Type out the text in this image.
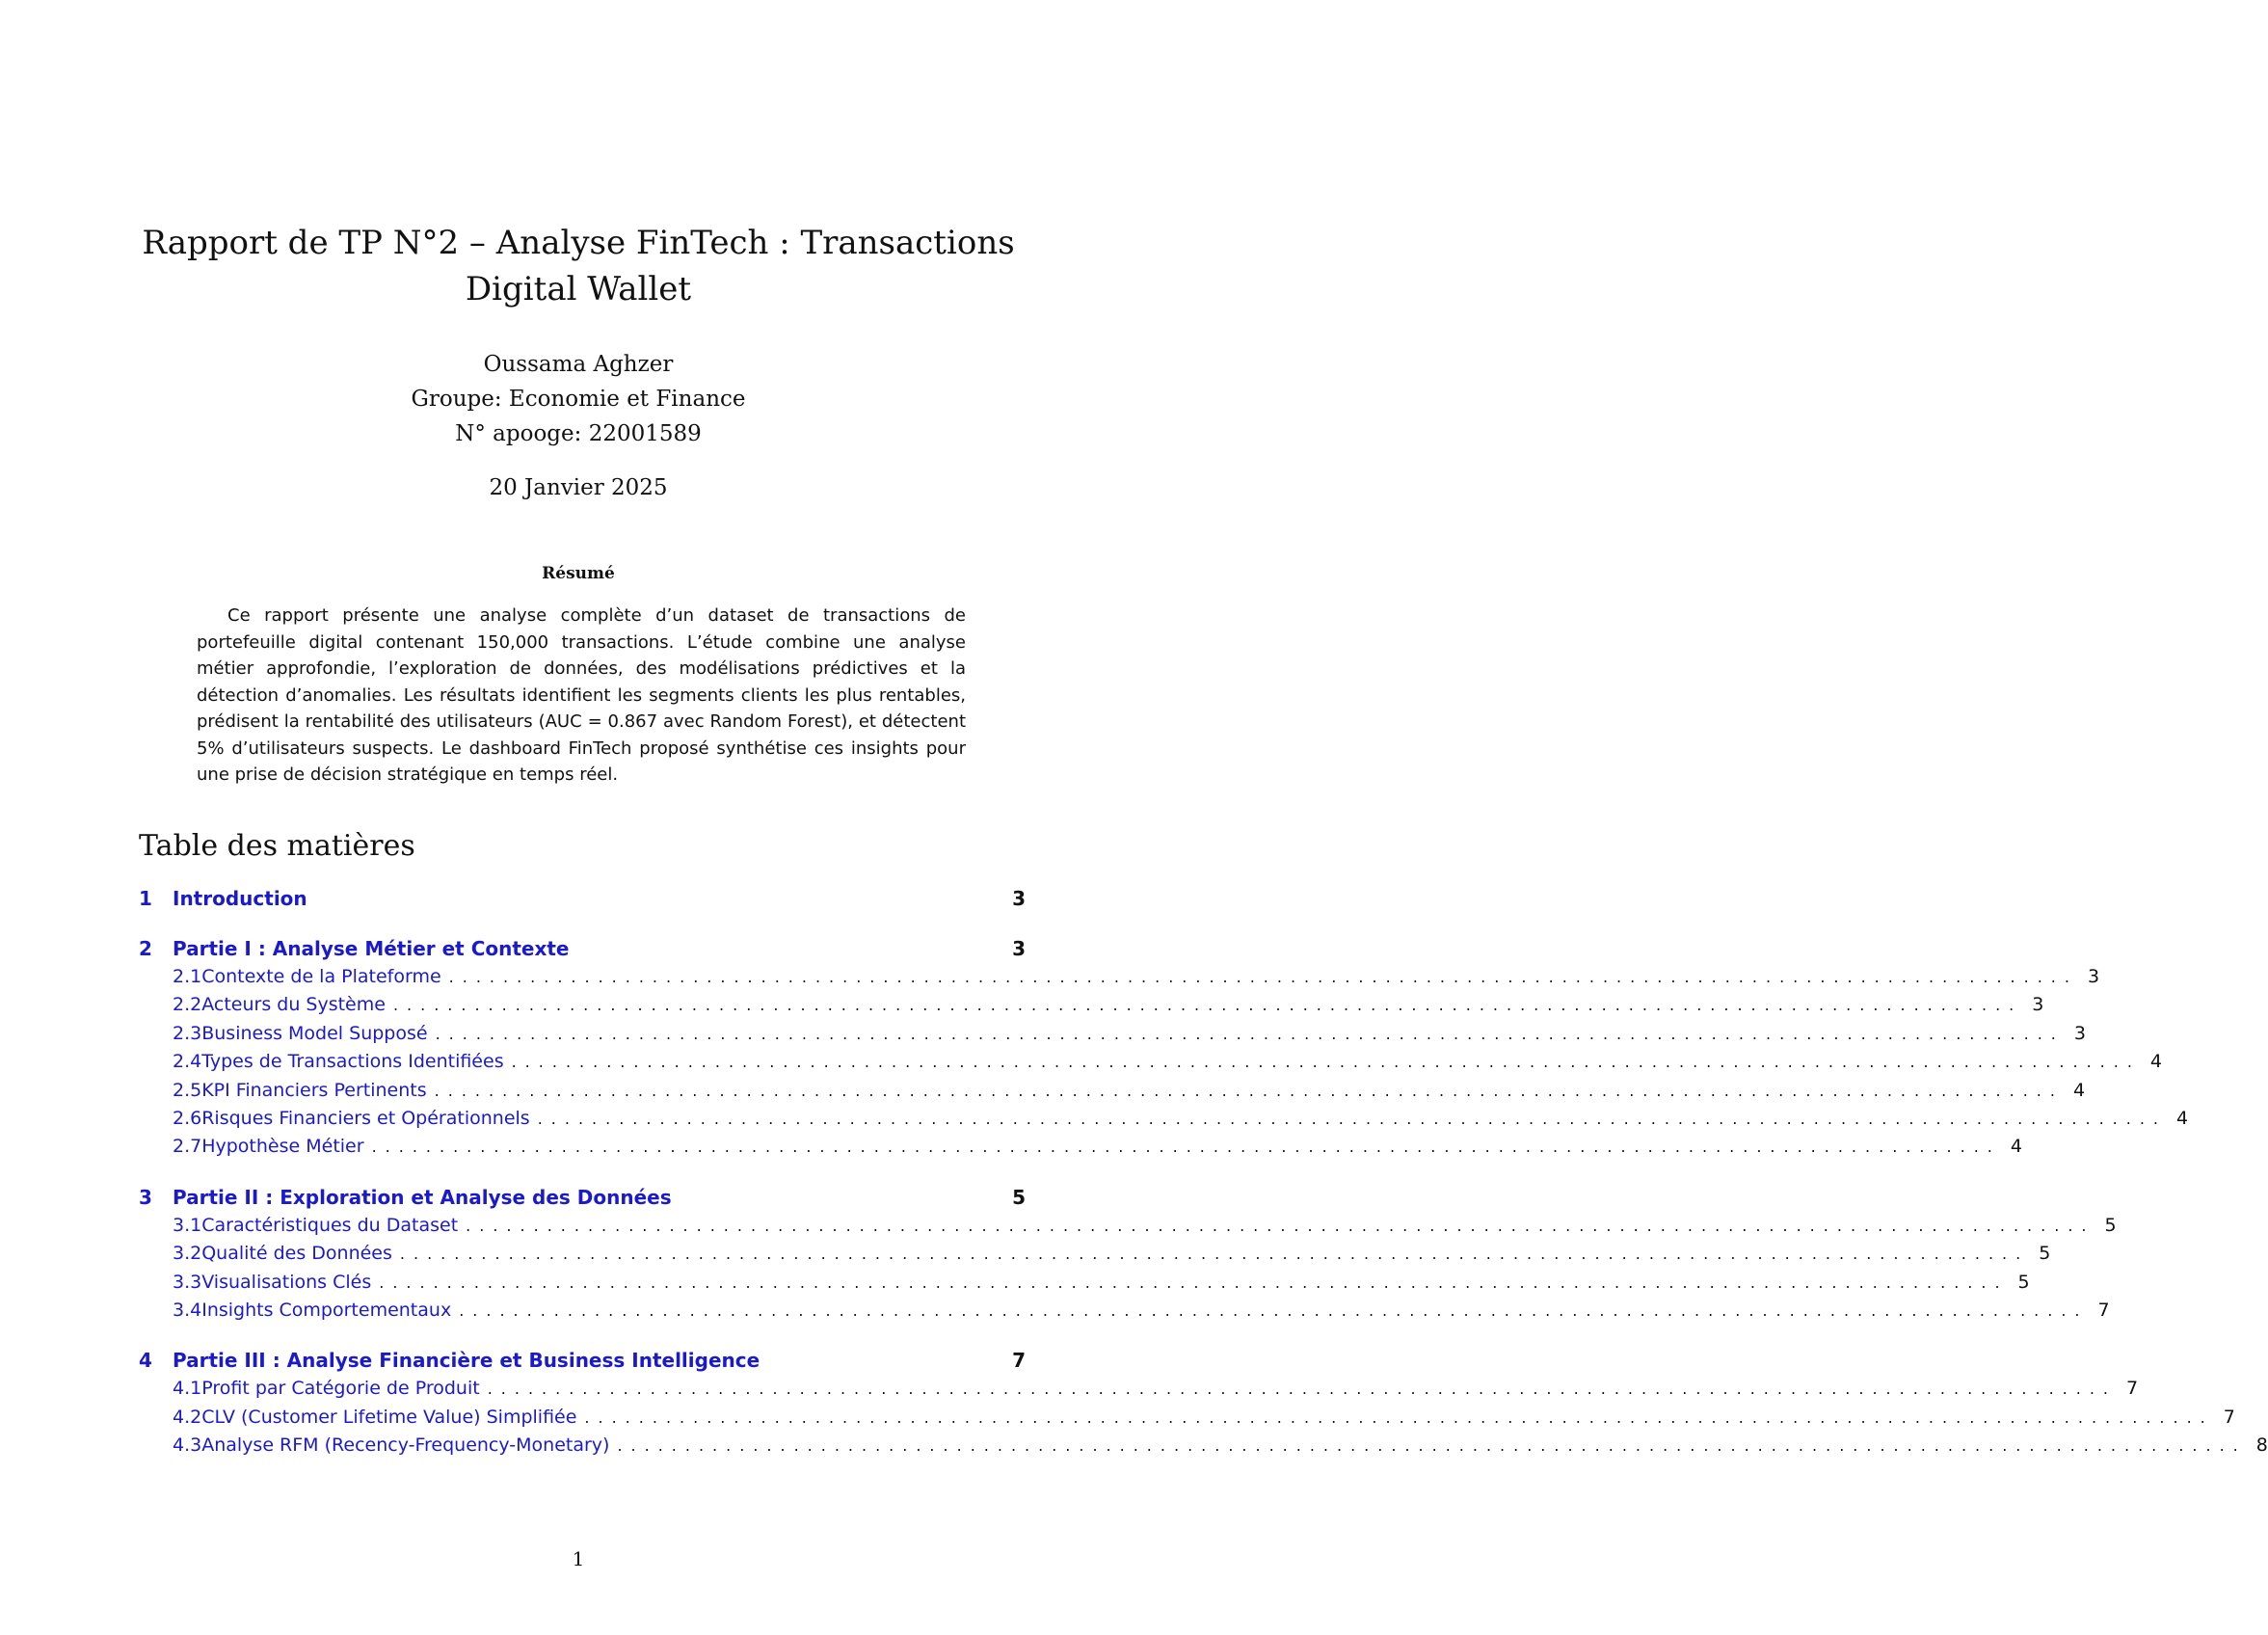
Rapport de TP N°2 – Analyse FinTech : Transactions
Digital Wallet
Oussama Aghzer
Groupe: Economie et Finance
N° apooge: 22001589
20 Janvier 2025
Résumé

Ce rapport présente une analyse complète d’un dataset de transactions de portefeuille digital contenant 150,000 transactions. L’étude combine une analyse métier approfondie, l’exploration de données, des modélisations prédictives et la détection d’anomalies. Les résultats identifient les segments clients les plus rentables, prédisent la rentabilité des utilisateurs (AUC = 0.867 avec Random Forest), et détectent 5% d’utilisateurs suspects. Le dashboard FinTech proposé synthétise ces insights pour une prise de décision stratégique en temps réel.

Table des matières
1	Introduction	3
2	Partie I : Analyse Métier et Contexte	3
2.1 Contexte de la Plateforme ........................................................................................................................ 3
2.2 Acteurs du Système ........................................................................................................................ 3
2.3 Business Model Supposé ........................................................................................................................ 3
2.4 Types de Transactions Identifiées ........................................................................................................................ 4
2.5 KPI Financiers Pertinents ........................................................................................................................ 4
2.6 Risques Financiers et Opérationnels ........................................................................................................................ 4
2.7 Hypothèse Métier ........................................................................................................................ 4
3	Partie II : Exploration et Analyse des Données	5
3.1 Caractéristiques du Dataset ........................................................................................................................ 5
3.2 Qualité des Données ........................................................................................................................ 5
3.3 Visualisations Clés ........................................................................................................................ 5
3.4 Insights Comportementaux ........................................................................................................................ 7
4	Partie III : Analyse Financière et Business Intelligence	7
4.1 Profit par Catégorie de Produit ........................................................................................................................ 7
4.2 CLV (Customer Lifetime Value) Simplifiée ........................................................................................................................ 7
4.3 Analyse RFM (Recency-Frequency-Monetary) ........................................................................................................................ 8
1
